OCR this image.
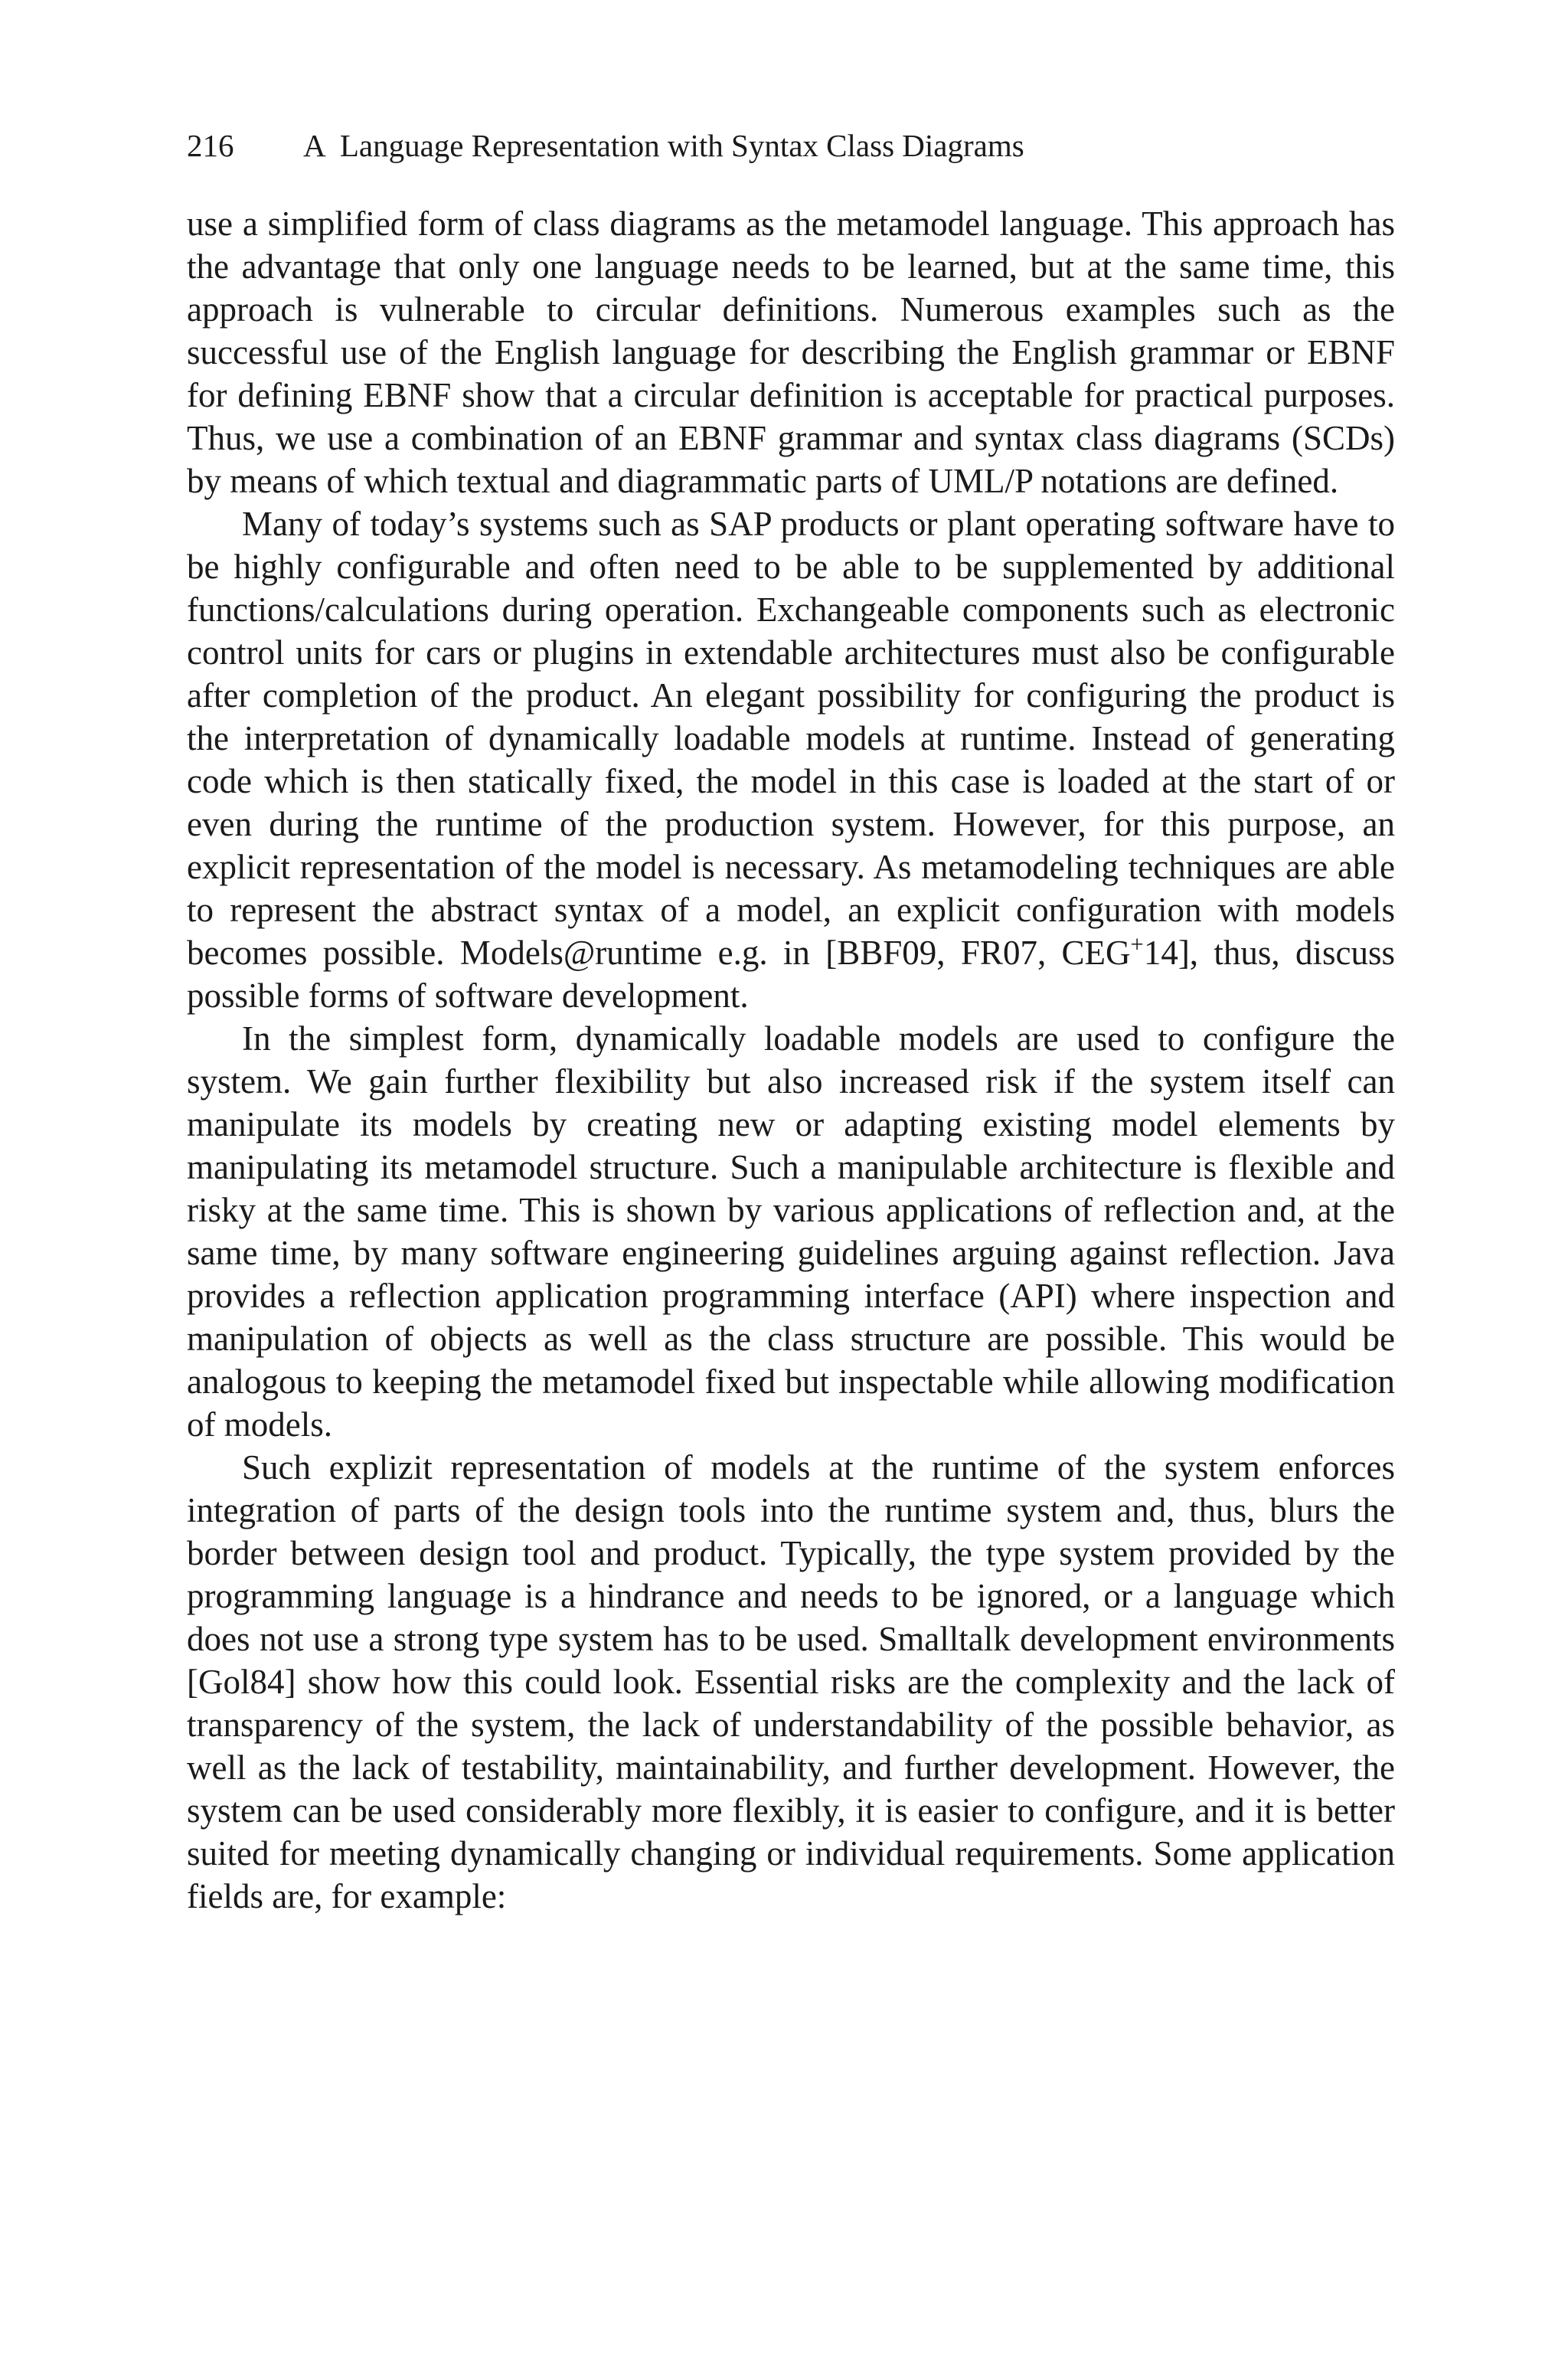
216 A  Language Representation with Syntax Class Diagrams

use a simplified form of class diagrams as the metamodel language. This approach has the advantage that only one language needs to be learned, but at the same time, this approach is vulnerable to circular definitions. Numerous examples such as the successful use of the English language for describing the English grammar or EBNF for defining EBNF show that a circular definition is acceptable for practical purposes. Thus, we use a combination of an EBNF grammar and syntax class diagrams (SCDs) by means of which textual and diagrammatic parts of UML/P notations are defined.

Many of today’s systems such as SAP products or plant operating software have to be highly configurable and often need to be able to be supplemented by additional functions/calculations during operation. Exchangeable components such as electronic control units for cars or plugins in extendable architectures must also be configurable after completion of the product. An elegant possibility for configuring the product is the interpretation of dynamically loadable models at runtime. Instead of generating code which is then statically fixed, the model in this case is loaded at the start of or even during the runtime of the production system. However, for this purpose, an explicit representation of the model is necessary. As metamodeling techniques are able to represent the abstract syntax of a model, an explicit configuration with models becomes possible. Models@runtime e.g. in [BBF09, FR07, CEG+14], thus, discuss possible forms of software development.

In the simplest form, dynamically loadable models are used to configure the system. We gain further flexibility but also increased risk if the system itself can manipulate its models by creating new or adapting existing model elements by manipulating its metamodel structure. Such a manipulable architecture is flexible and risky at the same time. This is shown by various applications of reflection and, at the same time, by many software engineering guidelines arguing against reflection. Java provides a reflection application programming interface (API) where inspection and manipulation of objects as well as the class structure are possible. This would be analogous to keeping the metamodel fixed but inspectable while allowing modification of models.

Such explizit representation of models at the runtime of the system enforces integration of parts of the design tools into the runtime system and, thus, blurs the border between design tool and product. Typically, the type system provided by the programming language is a hindrance and needs to be ignored, or a language which does not use a strong type system has to be used. Smalltalk development environments [Gol84] show how this could look. Essential risks are the complexity and the lack of transparency of the system, the lack of understandability of the possible behavior, as well as the lack of testability, maintainability, and further development. However, the system can be used considerably more flexibly, it is easier to configure, and it is better suited for meeting dynamically changing or individual requirements. Some application fields are, for example:
